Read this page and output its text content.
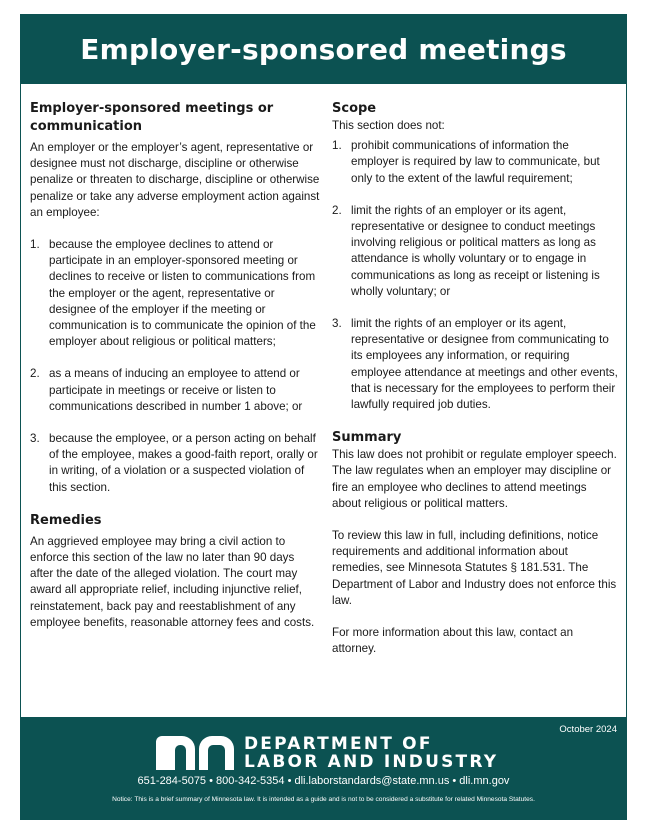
Employer-sponsored meetings
Employer-sponsored meetings or communication

An employer or the employer’s agent, representative or designee must not discharge, discipline or otherwise penalize or threaten to discharge, discipline or otherwise penalize or take any adverse employment action against an employee:

1. because the employee declines to attend or participate in an employer-sponsored meeting or declines to receive or listen to communications from the employer or the agent, representative or designee of the employer if the meeting or communication is to communicate the opinion of the employer about religious or political matters;
2. as a means of inducing an employee to attend or participate in meetings or receive or listen to communications described in number 1 above; or
3. because the employee, or a person acting on behalf of the employee, makes a good-faith report, orally or in writing, of a violation or a suspected violation of this section.
Remedies

An aggrieved employee may bring a civil action to enforce this section of the law no later than 90 days after the date of the alleged violation. The court may award all appropriate relief, including injunctive relief, reinstatement, back pay and reestablishment of any employee benefits, reasonable attorney fees and costs.

Scope

This section does not:

1. prohibit communications of information the employer is required by law to communicate, but only to the extent of the lawful requirement;
2. limit the rights of an employer or its agent, representative or designee to conduct meetings involving religious or political matters as long as attendance is wholly voluntary or to engage in communications as long as receipt or listening is wholly voluntary; or
3. limit the rights of an employer or its agent, representative or designee from communicating to its employees any information, or requiring employee attendance at meetings and other events, that is necessary for the employees to perform their lawfully required job duties.
Summary

This law does not prohibit or regulate employer speech. The law regulates when an employer may discipline or fire an employee who declines to attend meetings about religious or political matters.

To review this law in full, including definitions, notice requirements and additional information about remedies, see Minnesota Statutes § 181.531. The Department of Labor and Industry does not enforce this law.

For more information about this law, contact an attorney.

October 2024
DEPARTMENT OF
LABOR AND INDUSTRY
651-284-5075 • 800-342-5354 • dli.laborstandards@state.mn.us • dli.mn.gov
Notice: This is a brief summary of Minnesota law. It is intended as a guide and is not to be considered a substitute for related Minnesota Statutes.
